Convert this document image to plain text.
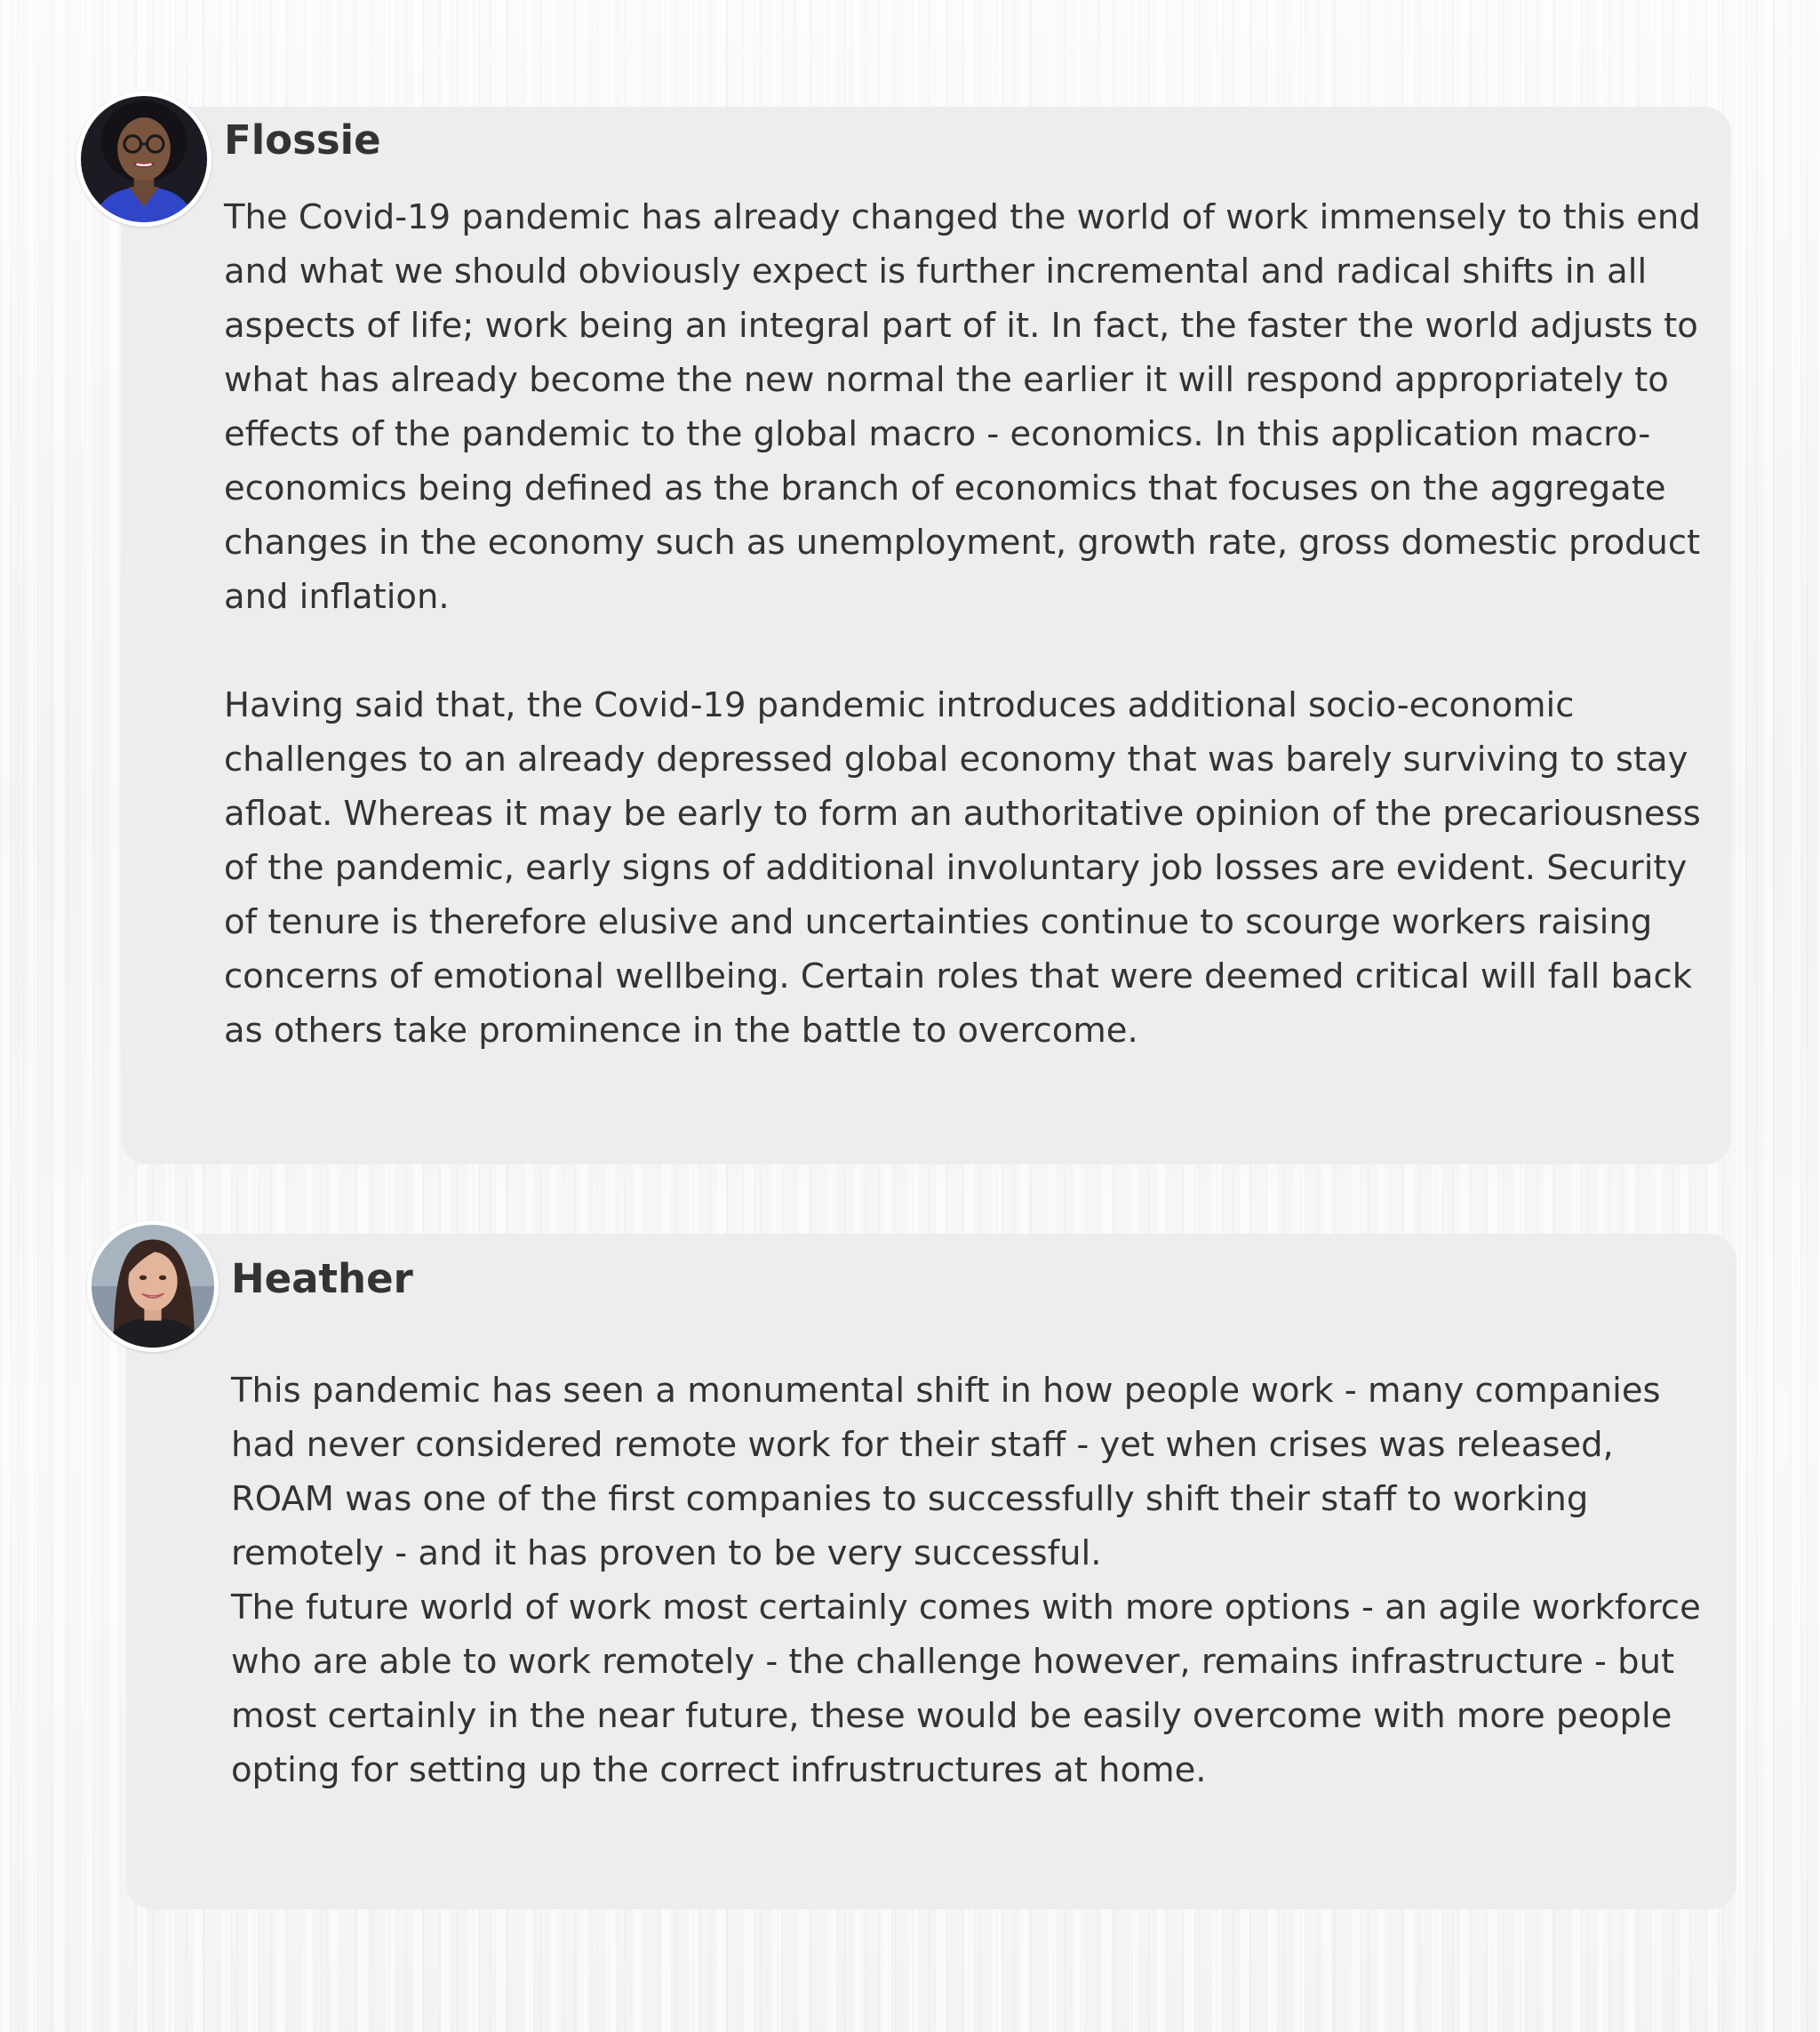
Flossie

The Covid-19 pandemic has already changed the world of work immensely to this end and what we should obviously expect is further incremental and radical shifts in all aspects of life; work being an integral part of it. In fact, the faster the world adjusts to what has already become the new normal the earlier it will respond appropriately to effects of the pandemic to the global macro - economics. In this application macro-economics being defined as the branch of economics that focuses on the aggregate changes in the economy such as unemployment, growth rate, gross domestic product and inflation.

Having said that, the Covid-19 pandemic introduces additional socio-economic challenges to an already depressed global economy that was barely surviving to stay afloat. Whereas it may be early to form an authoritative opinion of the precariousness of the pandemic, early signs of additional involuntary job losses are evident. Security of tenure is therefore elusive and uncertainties continue to scourge workers raising concerns of emotional wellbeing. Certain roles that were deemed critical will fall back as others take prominence in the battle to overcome.

Heather

This pandemic has seen a monumental shift in how people work - many companies had never considered remote work for their staff - yet when crises was released, ROAM was one of the first companies to successfully shift their staff to working remotely - and it has proven to be very successful.

The future world of work most certainly comes with more options - an agile workforce who are able to work remotely - the challenge however, remains infrastructure - but most certainly in the near future, these would be easily overcome with more people opting for setting up the correct infrustructures at home.
